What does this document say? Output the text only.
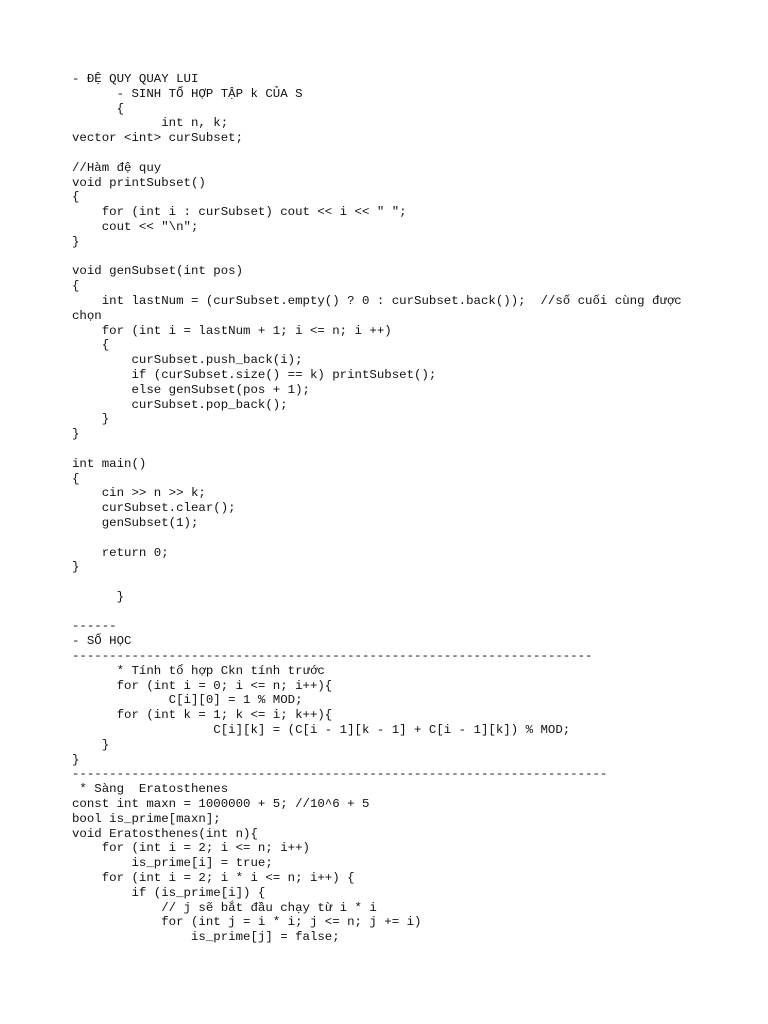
- ĐỆ QUY QUAY LUI
- SINH TỔ HỢP TẬP k CỦA S
{
int n, k;
vector <int> curSubset;
//Hàm đệ quy
void printSubset()
{
for (int i : curSubset) cout << i << " ";
cout << "\n";
}
void genSubset(int pos)
{
int lastNum = (curSubset.empty() ? 0 : curSubset.back());  //số cuối cùng được
chọn
for (int i = lastNum + 1; i <= n; i ++)
{
curSubset.push_back(i);
if (curSubset.size() == k) printSubset();
else genSubset(pos + 1);
curSubset.pop_back();
}
}
int main()
{
cin >> n >> k;
curSubset.clear();
genSubset(1);
return 0;
}
}
------
- SỐ HỌC
----------------------------------------------------------------------
* Tính tổ hợp Ckn tính trước
for (int i = 0; i <= n; i++){
C[i][0] = 1 % MOD;
for (int k = 1; k <= i; k++){
C[i][k] = (C[i - 1][k - 1] + C[i - 1][k]) % MOD;
}
}
------------------------------------------------------------------------
* Sàng  Eratosthenes
const int maxn = 1000000 + 5; //10^6 + 5
bool is_prime[maxn];
void Eratosthenes(int n){
for (int i = 2; i <= n; i++)
is_prime[i] = true;
for (int i = 2; i * i <= n; i++) {
if (is_prime[i]) {
// j sẽ bắt đầu chạy từ i * i
for (int j = i * i; j <= n; j += i)
is_prime[j] = false;
